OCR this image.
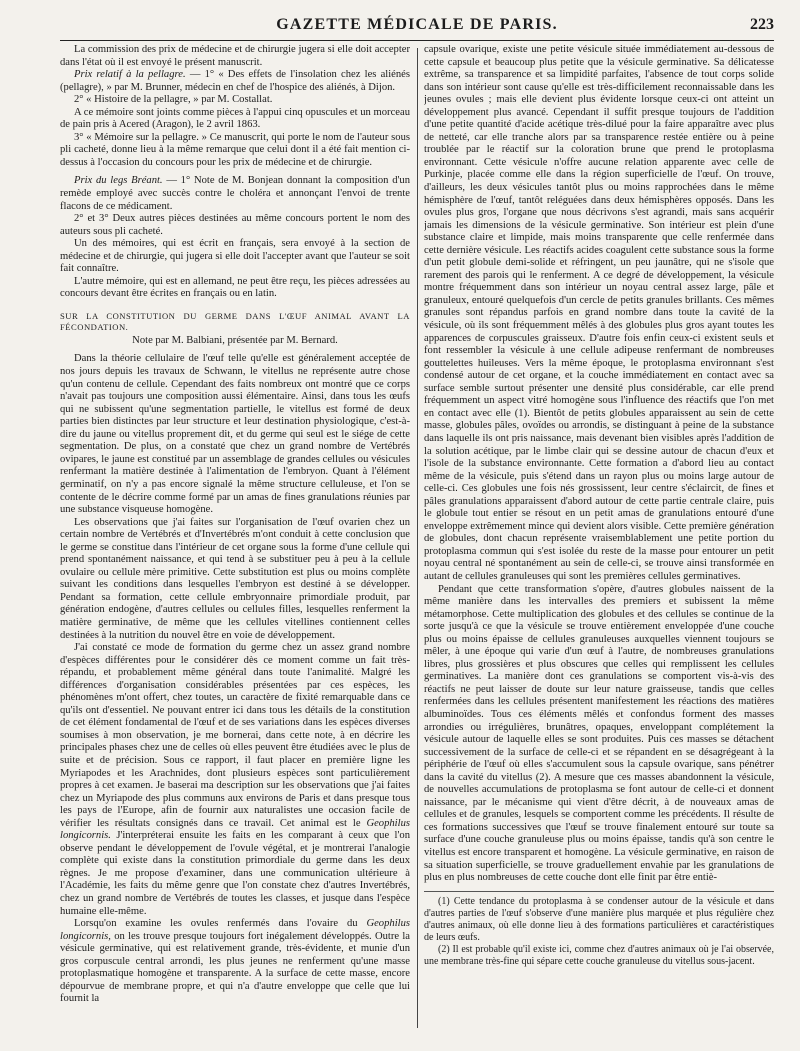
GAZETTE MÉDICALE DE PARIS.	223

La commission des prix de médecine et de chirurgie jugera si elle doit accepter dans l'état où il est envoyé le présent manuscrit.

Prix relatif à la pellagre. — 1° « Des effets de l'insolation chez les aliénés (pellagre), » par M. Brunner, médecin en chef de l'hospice des aliénés, à Dijon.

2° « Histoire de la pellagre, » par M. Costallat.

A ce mémoire sont joints comme pièces à l'appui cinq opuscules et un morceau de pain pris à Acered (Aragon), le 2 avril 1863.

3° « Mémoire sur la pellagre. » Ce manuscrit, qui porte le nom de l'auteur sous pli cacheté, donne lieu à la même remarque que celui dont il a été fait mention ci-dessus à l'occasion du concours pour les prix de médecine et de chirurgie.

Prix du legs Bréant. — 1° Note de M. Bonjean donnant la composition d'un remède employé avec succès contre le choléra et annonçant l'envoi de trente flacons de ce médicament.

2° et 3° Deux autres pièces destinées au même concours portent le nom des auteurs sous pli cacheté.

Un des mémoires, qui est écrit en français, sera envoyé à la section de médecine et de chirurgie, qui jugera si elle doit l'accepter avant que l'auteur se soit fait connaître.

L'autre mémoire, qui est en allemand, ne peut être reçu, les pièces adressées au concours devant être écrites en français ou en latin.

SUR LA CONSTITUTION DU GERME DANS L'ŒUF ANIMAL AVANT LA FÉCONDATION.

Note par M. Balbiani, présentée par M. Bernard.

Dans la théorie cellulaire de l'œuf telle qu'elle est généralement acceptée de nos jours depuis les travaux de Schwann, le vitellus ne représente autre chose qu'un contenu de cellule. Cependant des faits nombreux ont montré que ce corps n'avait pas toujours une composition aussi élémentaire. Ainsi, dans tous les œufs qui ne subissent qu'une segmentation partielle, le vitellus est formé de deux parties bien distinctes par leur structure et leur destination physiologique, c'est-à-dire du jaune ou vitellus proprement dit, et du germe qui seul est le siége de cette segmentation. De plus, on a constaté que chez un grand nombre de Vertébrés ovipares, le jaune est constitué par un assemblage de grandes cellules ou vésicules renfermant la matière destinée à l'alimentation de l'embryon. Quant à l'élément germinatif, on n'y a pas encore signalé la même structure celluleuse, et l'on se contente de le décrire comme formé par un amas de fines granulations réunies par une substance visqueuse homogène.

Les observations que j'ai faites sur l'organisation de l'œuf ovarien chez un certain nombre de Vertébrés et d'Invertébrés m'ont conduit à cette conclusion que le germe se constitue dans l'intérieur de cet organe sous la forme d'une cellule qui prend spontanément naissance, et qui tend à se substituer peu à peu à la cellule ovulaire ou cellule mère primitive. Cette substitution est plus ou moins complète suivant les conditions dans lesquelles l'embryon est destiné à se développer. Pendant sa formation, cette cellule embryonnaire primordiale produit, par génération endogène, d'autres cellules ou cellules filles, lesquelles renferment la matière germinative, de même que les cellules vitellines contiennent celles destinées à la nutrition du nouvel être en voie de développement.

J'ai constaté ce mode de formation du germe chez un assez grand nombre d'espèces différentes pour le considérer dès ce moment comme un fait très-répandu, et probablement même général dans toute l'animalité. Malgré les différences d'organisation considérables présentées par ces espèces, les phénomènes m'ont offert, chez toutes, un caractère de fixité remarquable dans ce qu'ils ont d'essentiel. Ne pouvant entrer ici dans tous les détails de la constitution de cet élément fondamental de l'œuf et de ses variations dans les espèces diverses soumises à mon observation, je me bornerai, dans cette note, à en décrire les principales phases chez une de celles où elles peuvent être étudiées avec le plus de suite et de précision. Sous ce rapport, il faut placer en première ligne les Myriapodes et les Arachnides, dont plusieurs espèces sont particulièrement propres à cet examen. Je baserai ma description sur les observations que j'ai faites chez un Myriapode des plus communs aux environs de Paris et dans presque tous les pays de l'Europe, afin de fournir aux naturalistes une occasion facile de vérifier les résultats consignés dans ce travail. Cet animal est le Geophilus longicornis. J'interpréterai ensuite les faits en les comparant à ceux que l'on observe pendant le développement de l'ovule végétal, et je montrerai l'analogie complète qui existe dans la constitution primordiale du germe dans les deux règnes. Je me propose d'examiner, dans une communication ultérieure à l'Académie, les faits du même genre que l'on constate chez d'autres Invertébrés, chez un grand nombre de Vertébrés de toutes les classes, et jusque dans l'espèce humaine elle-même.

Lorsqu'on examine les ovules renfermés dans l'ovaire du Geophilus longicornis, on les trouve presque toujours fort inégalement développés. Outre la vésicule germinative, qui est relativement grande, très-évidente, et munie d'un gros corpuscule central arrondi, les plus jeunes ne renferment qu'une masse protoplasmatique homogène et transparente. A la surface de cette masse, encore dépourvue de membrane propre, et qui n'a d'autre enveloppe que celle que lui fournit la

capsule ovarique, existe une petite vésicule située immédiatement au-dessous de cette capsule et beaucoup plus petite que la vésicule germinative. Sa délicatesse extrême, sa transparence et sa limpidité parfaites, l'absence de tout corps solide dans son intérieur sont cause qu'elle est très-difficilement reconnaissable dans les jeunes ovules ; mais elle devient plus évidente lorsque ceux-ci ont atteint un développement plus avancé. Cependant il suffit presque toujours de l'addition d'une petite quantité d'acide acétique très-dilué pour la faire apparaître avec plus de netteté, car elle tranche alors par sa transparence restée entière ou à peine troublée par le réactif sur la coloration brune que prend le protoplasma environnant. Cette vésicule n'offre aucune relation apparente avec celle de Purkinje, placée comme elle dans la région superficielle de l'œuf. On trouve, d'ailleurs, les deux vésicules tantôt plus ou moins rapprochées dans le même hémisphère de l'œuf, tantôt reléguées dans deux hémisphères opposés. Dans les ovules plus gros, l'organe que nous décrivons s'est agrandi, mais sans acquérir jamais les dimensions de la vésicule germinative. Son intérieur est plein d'une substance claire et limpide, mais moins transparente que celle renfermée dans cette dernière vésicule. Les réactifs acides coagulent cette substance sous la forme d'un petit globule demi-solide et réfringent, un peu jaunâtre, qui ne s'isole que rarement des parois qui le renferment. A ce degré de développement, la vésicule montre fréquemment dans son intérieur un noyau central assez large, pâle et granuleux, entouré quelquefois d'un cercle de petits granules brillants. Ces mêmes granules sont répandus parfois en grand nombre dans toute la cavité de la vésicule, où ils sont fréquemment mêlés à des globules plus gros ayant toutes les apparences de corpuscules graisseux. D'autre fois enfin ceux-ci existent seuls et font ressembler la vésicule à une cellule adipeuse renfermant de nombreuses gouttelettes huileuses. Vers la même époque, le protoplasma environnant s'est condensé autour de cet organe, et la couche immédiatement en contact avec sa surface semble surtout présenter une densité plus considérable, car elle prend fréquemment un aspect vitré homogène sous l'influence des réactifs que l'on met en contact avec elle (1). Bientôt de petits globules apparaissent au sein de cette masse, globules pâles, ovoïdes ou arrondis, se distinguant à peine de la substance dans laquelle ils ont pris naissance, mais devenant bien visibles après l'addition de la solution acétique, par le limbe clair qui se dessine autour de chacun d'eux et l'isole de la substance environnante. Cette formation a d'abord lieu au contact même de la vésicule, puis s'étend dans un rayon plus ou moins large autour de celle-ci. Ces globules une fois nés grossissent, leur centre s'éclaircit, de fines et pâles granulations apparaissent d'abord autour de cette partie centrale claire, puis le globule tout entier se résout en un petit amas de granulations entouré d'une enveloppe extrêmement mince qui devient alors visible. Cette première génération de globules, dont chacun représente vraisemblablement une petite portion du protoplasma commun qui s'est isolée du reste de la masse pour entourer un petit noyau central né spontanément au sein de celle-ci, se trouve ainsi transformée en autant de cellules granuleuses qui sont les premières cellules germinatives.

Pendant que cette transformation s'opère, d'autres globules naissent de la même manière dans les intervalles des premiers et subissent la même métamorphose. Cette multiplication des globules et des cellules se continue de la sorte jusqu'à ce que la vésicule se trouve entièrement enveloppée d'une couche plus ou moins épaisse de cellules granuleuses auxquelles viennent toujours se mêler, à une époque qui varie d'un œuf à l'autre, de nombreuses granulations libres, plus grossières et plus obscures que celles qui remplissent les cellules germinatives. La manière dont ces granulations se comportent vis-à-vis des réactifs ne peut laisser de doute sur leur nature graisseuse, tandis que celles renfermées dans les cellules présentent manifestement les réactions des matières albuminoïdes. Tous ces éléments mêlés et confondus forment des masses arrondies ou irrégulières, brunâtres, opaques, enveloppant complétement la vésicule autour de laquelle elles se sont produites. Puis ces masses se détachent successivement de la surface de celle-ci et se répandent en se désagrégeant à la périphérie de l'œuf où elles s'accumulent sous la capsule ovarique, sans pénétrer dans la cavité du vitellus (2). A mesure que ces masses abandonnent la vésicule, de nouvelles accumulations de protoplasma se font autour de celle-ci et donnent naissance, par le mécanisme qui vient d'être décrit, à de nouveaux amas de cellules et de granules, lesquels se comportent comme les précédents. Il résulte de ces formations successives que l'œuf se trouve finalement entouré sur toute sa surface d'une couche granuleuse plus ou moins épaisse, tandis qu'à son centre le vitellus est encore transparent et homogène. La vésicule germinative, en raison de sa situation superficielle, se trouve graduellement envahie par les granulations de plus en plus nombreuses de cette couche dont elle finit par être entiè-

(1) Cette tendance du protoplasma à se condenser autour de la vésicule et dans d'autres parties de l'œuf s'observe d'une manière plus marquée et plus régulière chez d'autres animaux, où elle donne lieu à des formations particulières et caractéristiques de leurs œufs.

(2) Il est probable qu'il existe ici, comme chez d'autres animaux où je l'ai observée, une membrane très-fine qui sépare cette couche granuleuse du vitellus sous-jacent.
